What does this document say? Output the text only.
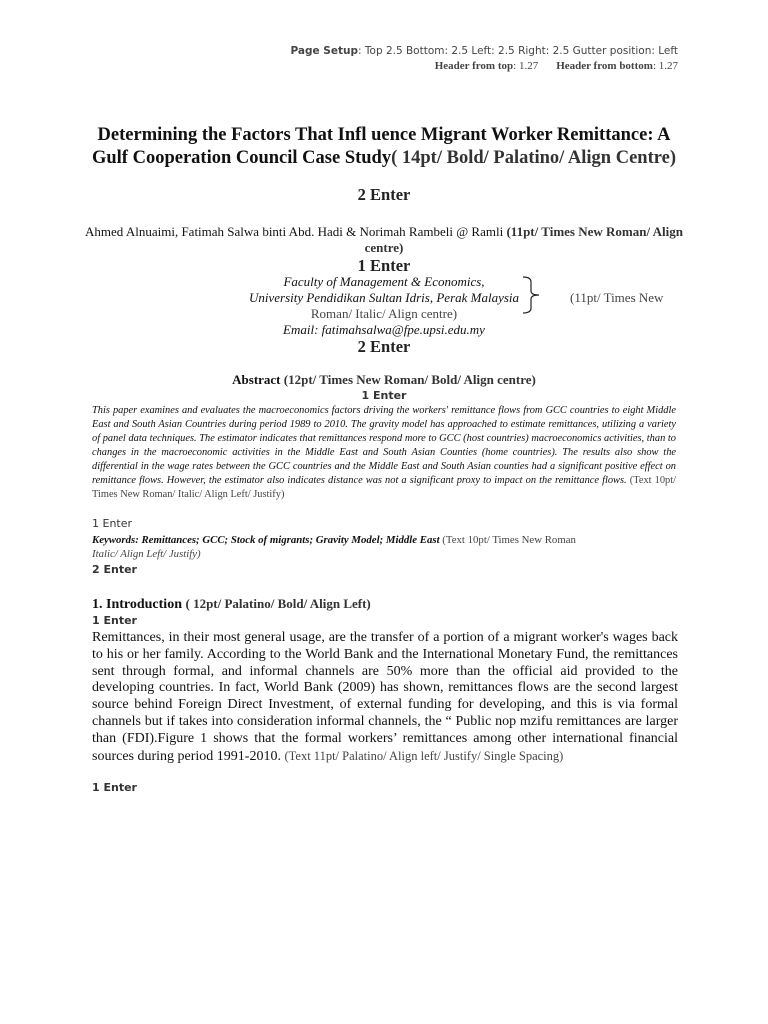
Page Setup: Top 2.5 Bottom: 2.5 Left: 2.5 Right: 2.5 Gutter position: Left
Header from top: 1.27 Header from bottom: 1.27
Determining the Factors That Infl uence Migrant Worker Remittance: A Gulf Cooperation Council Case Study( 14pt/ Bold/ Palatino/ Align Centre)
2 Enter
Ahmed Alnuaimi, Fatimah Salwa binti Abd. Hadi & Norimah Rambeli @ Ramli (11pt/ Times New Roman/ Align centre)
1 Enter
Faculty of Management & Economics,
University Pendidikan Sultan Idris, Perak Malaysia
Roman/ Italic/ Align centre)
Email: fatimahsalwa@fpe.upsi.edu.my
(11pt/ Times New
2 Enter
Abstract (12pt/ Times New Roman/ Bold/ Align centre)
1 Enter
This paper examines and evaluates the macroeconomics factors driving the workers' remittance flows from GCC countries to eight Middle East and South Asian Countries during period 1989 to 2010. The gravity model has approached to estimate remittances, utilizing a variety of panel data techniques. The estimator indicates that remittances respond more to GCC (host countries) macroeconomics activities, than to changes in the macroeconomic activities in the Middle East and South Asian Counties (home countries). The results also show the differential in the wage rates between the GCC countries and the Middle East and South Asian counties had a significant positive effect on remittance flows. However, the estimator also indicates distance was not a significant proxy to impact on the remittance flows. (Text 10pt/ Times New Roman/ Italic/ Align Left/ Justify)
1 Enter
Keywords: Remittances; GCC; Stock of migrants; Gravity Model; Middle East (Text 10pt/ Times New Roman
Italic/ Align Left/ Justify)
2 Enter
1. Introduction ( 12pt/ Palatino/ Bold/ Align Left)
1 Enter
Remittances, in their most general usage, are the transfer of a portion of a migrant worker's wages back to his or her family. According to the World Bank and the International Monetary Fund, the remittances sent through formal, and informal channels are 50% more than the official aid provided to the developing countries. In fact, World Bank (2009) has shown, remittances flows are the second largest source behind Foreign Direct Investment, of external funding for developing, and this is via formal channels but if takes into consideration informal channels, the “ Public nop mzifu remittances are larger than (FDI).Figure 1 shows that the formal workers’ remittances among other international financial sources during period 1991-2010. (Text 11pt/ Palatino/ Align left/ Justify/ Single Spacing)
1 Enter
